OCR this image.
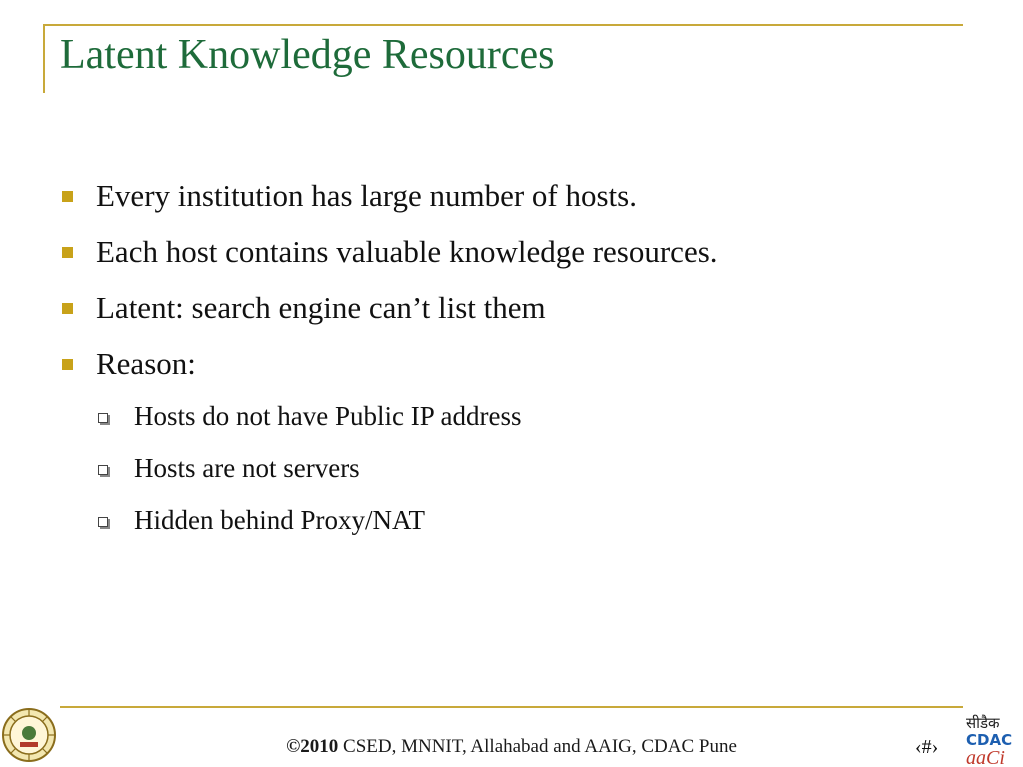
Latent Knowledge Resources
Every institution has large number of hosts.
Each host contains valuable knowledge resources.
Latent: search engine can’t list them
Reason:
Hosts do not have Public IP address
Hosts are not servers
Hidden behind Proxy/NAT
©2010 CSED, MNNIT, Allahabad and AAIG, CDAC Pune	‹#›
सीडैक
CDAC
aaCi
